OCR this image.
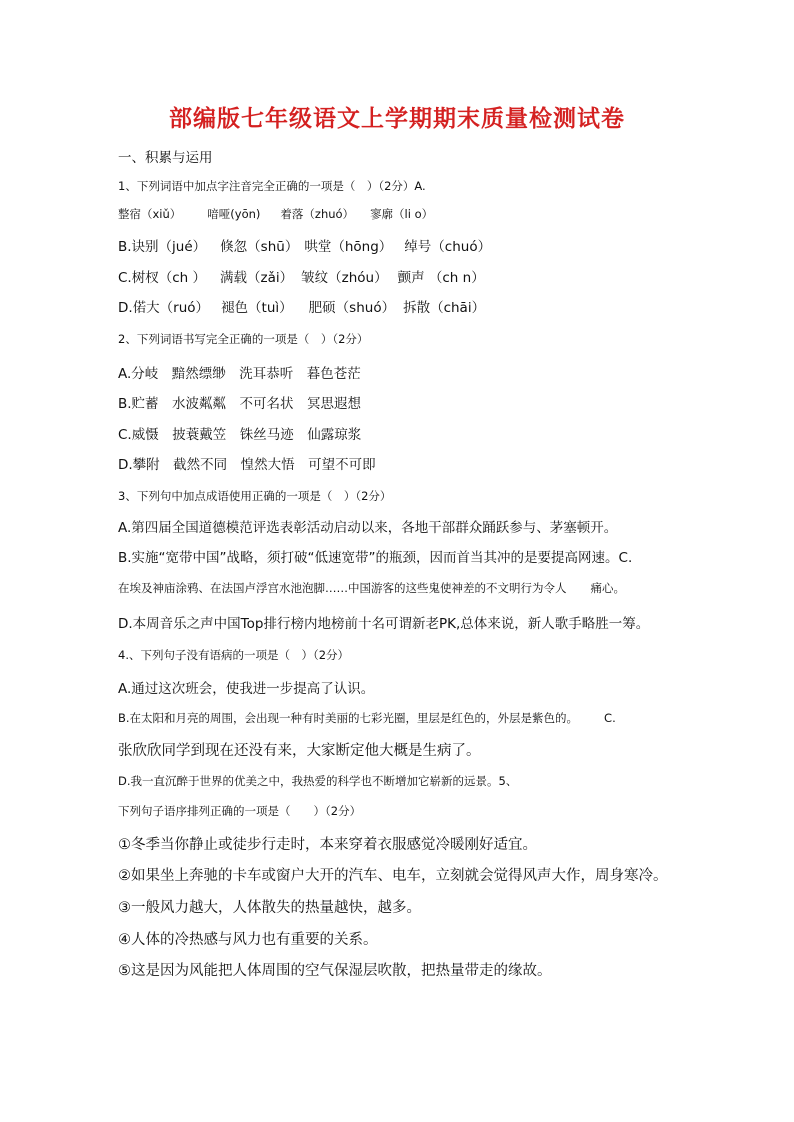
部编版七年级语文上学期期末质量检测试卷
一、积累与运用
1、下列词语中加点字注音完全正确的一项是（　）（2分）A.
整宿（xiǔ） 喑哑(yōn) 着落（zhuó） 寥廓（li o）
B.诀别（jué） 倏忽（shū） 哄堂（hōng） 绰号（chuó）
C.树杈（ch ） 满载（zǎi） 皱纹（zhóu） 颤声 （ch n）
D.偌大（ruó） 褪色（tuì） 肥硕（shuó） 拆散（chāi）
2、下列词语书写完全正确的一项是（　）（2分）
A.分岐　黯然缥缈　洗耳恭听　暮色苍茫
B.贮蓄　水波粼粼　不可名状　冥思遐想
C.威慑　披蓑戴笠　铢丝马迹　仙露琼浆
D.攀附　截然不同　惶然大悟　可望不可即
3、下列句中加点成语使用正确的一项是（　）（2分）
A.第四届全国道德模范评选表彰活动启动以来，各地干部群众踊跃参与、茅塞顿开。
B.实施“宽带中国”战略，须打破“低速宽带”的瓶颈，因而首当其冲的是要提高网速。C.
在埃及神庙涂鸦、在法国卢浮宫水池泡脚……中国游客的这些鬼使神差的不文明行为令人 痛心。
D.本周音乐之声中国Top排行榜内地榜前十名可谓新老PK,总体来说，新人歌手略胜一筹。
4.、下列句子没有语病的一项是（　）（2分）
A.通过这次班会，使我进一步提高了认识。
B.在太阳和月亮的周围，会出现一种有时美丽的七彩光圈，里层是红色的，外层是紫色的。 C.
张欣欣同学到现在还没有来，大家断定他大概是生病了。
D.我一直沉醉于世界的优美之中，我热爱的科学也不断增加它崭新的远景。5、
下列句子语序排列正确的一项是（　　）（2分）
①冬季当你静止或徒步行走时，本来穿着衣服感觉冷暖刚好适宜。
②如果坐上奔驰的卡车或窗户大开的汽车、电车，立刻就会觉得风声大作，周身寒冷。
③一般风力越大，人体散失的热量越快，越多。
④人体的冷热感与风力也有重要的关系。
⑤这是因为风能把人体周围的空气保湿层吹散，把热量带走的缘故。
